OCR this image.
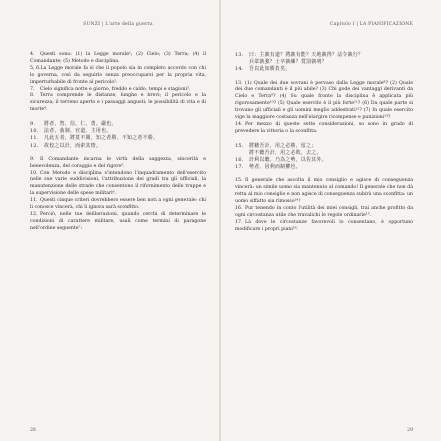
SUNZI | L'arte della guerra
4. Questi sono: (1) la Legge morale¹; (2) Cielo; (3) Terra; (4) il Comandante; (5) Metodo e disciplina.
5, 6.La Legge morale fa sì che il popolo sia in completo accordo con chi lo governa, così da seguirlo senza preoccuparsi per la propria vita, imperturbabile di fronte al pericolo².
7. Cielo significa notte e giorno, freddo e caldo, tempi e stagioni³.
8. Terra comprende le distanze, lunghe e brevi; il pericolo e la sicurezza; il terreno aperto e i passaggi angusti; le possibilità di vita e di morte⁴.
9. 將者，智、信、仁、勇、嚴也。
10. 法者，曲制、官道、主用也。
11. 凡此五者，將莫不聞，知之者勝，不知之者不勝。
12. 故校之以計，而索其情。
9. Il Comandante incarna le virtù della saggezza, sincerità e benevolenza, del coraggio e del rigore⁵.
10. Con Metodo e disciplina s'intendono l'inquadramento dell'esercito nelle sue varie suddivisioni, l'attribuzione dei gradi tra gli ufficiali, la manutenzione delle strade che consentono il rifornimento delle truppe e la supervisione delle spese militari⁶.
11. Questi cinque criteri dovrebbero essere ben noti a ogni generale: chi li conosce vincerà, chi li ignora sarà sconfitto.
12. Perciò, nelle tue deliberazioni, quando cerchi di determinare le condizioni di carattere militare, usali come termini di paragone nell'ordine seguente⁷:
28
Capitolo I | LA PIANIFICAZIONE
13. 曰：主孰有道？將孰有能？天地孰得？法令孰行？
兵眾孰強？士卒孰練？賞罰孰明？
14. 吾以此知勝負矣。
13. (1) Quale dei due sovrani è pervaso dalla Legge morale⁸? (2) Quale dei due comandanti è il più abile? (3) Chi gode dei vantaggi derivanti da Cielo e Terra⁹? (4) Su quale fronte la disciplina è applicata più rigorosamente¹⁰? (5) Quale esercito è il più forte¹¹? (6) Da quale parte si trovano gli ufficiali e gli uomini meglio addestrati¹²? (7) In quale esercito vige la maggiore costanza nell'elargire ricompense e punizioni¹³?
14. Per mezzo di queste sette considerazioni, so sono in grado di prevedere la vittoria o la sconfitta.
15. 將聽吾計，用之必勝，留之；
將不聽吾計，用之必敗，去之。
16. 計利以聽，乃為之勢，以佐其外。
17. 勢者，因利而制權也。
15. Il generale che ascolta il mio consiglio e agisce di conseguenza vincerà: un simile uomo sia mantenuto al comando! Il generale che non dà retta al mio consiglio e non agisce di conseguenza subirà una sconfitta: un uomo siffatto sia rimosso¹⁴!
16. Pur tenendo in conto l'utilità dei miei consigli, trai anche profitto da ogni circostanza utile che travalichi le regole ordinarie¹⁵.
17. Là dove le circostanze favorevoli lo consentano, è opportuno modificare i propri piani¹⁶.
29
